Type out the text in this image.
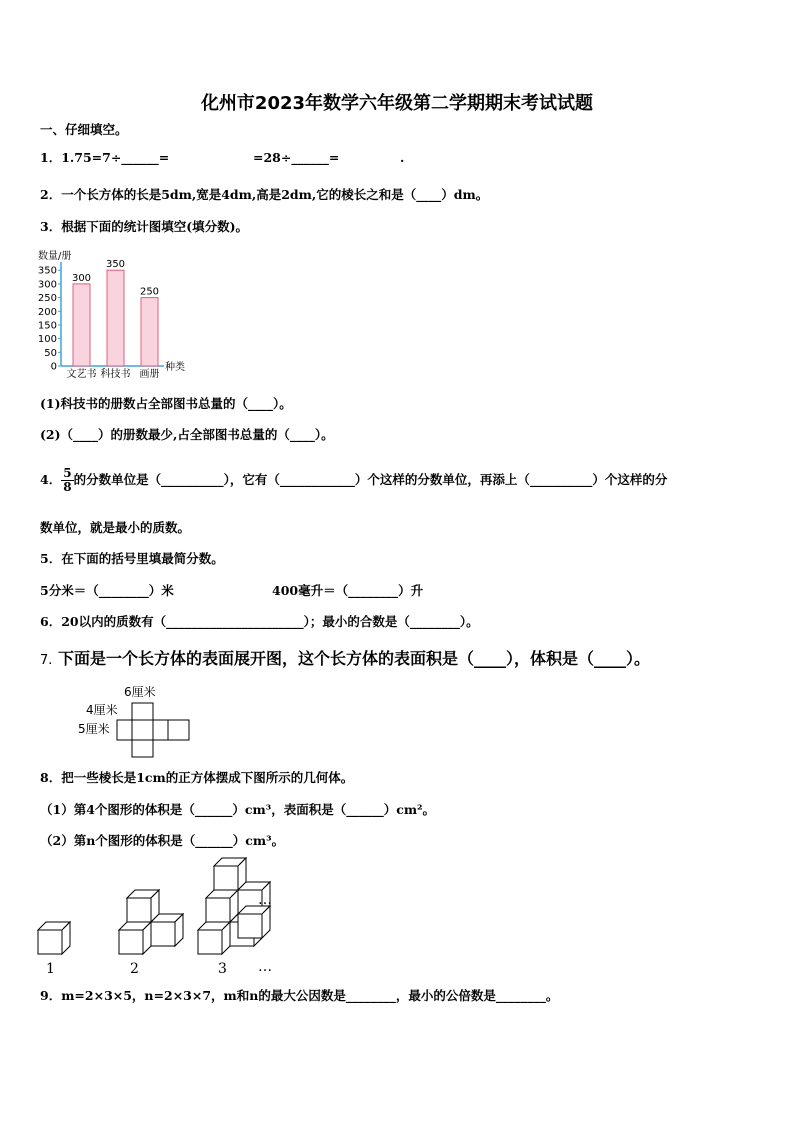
化州市2023年数学六年级第二学期期末考试试题
一、仔细填空。
1．1.75=7÷______=	=28÷______=	.
2．一个长方体的长是5dm,宽是4dm,高是2dm,它的棱长之和是（____）dm。
3．根据下面的统计图填空(填分数)。
数量/册
种类
0
50
100
150
200
250
300
350
300
文艺书
350
科技书
250
画册
(1)科技书的册数占全部图书总量的（____）。
(2)（____）的册数最少,占全部图书总量的（____）。
4． $\frac{5}{8}$ 的分数单位是（__________），它有（____________）个这样的分数单位，再添上（__________）个这样的分
数单位，就是最小的质数。
5．在下面的括号里填最简分数。
5分米＝（________）米	400毫升＝（________）升
6．20以内的质数有（______________________）；最小的合数是（________）。
7. 下面是一个长方体的表面展开图，这个长方体的表面积是（____），体积是（____）。
6厘米
4厘米
5厘米
8．把一些棱长是1cm的正方体摆成下图所示的几何体。
（1）第4个图形的体积是（______）cm³，表面积是（______）cm²。
（2）第n个图形的体积是（______）cm³。
1	2	3
…
…
9．m=2×3×5，n=2×3×7，m和n的最大公因数是________，最小的公倍数是________。
